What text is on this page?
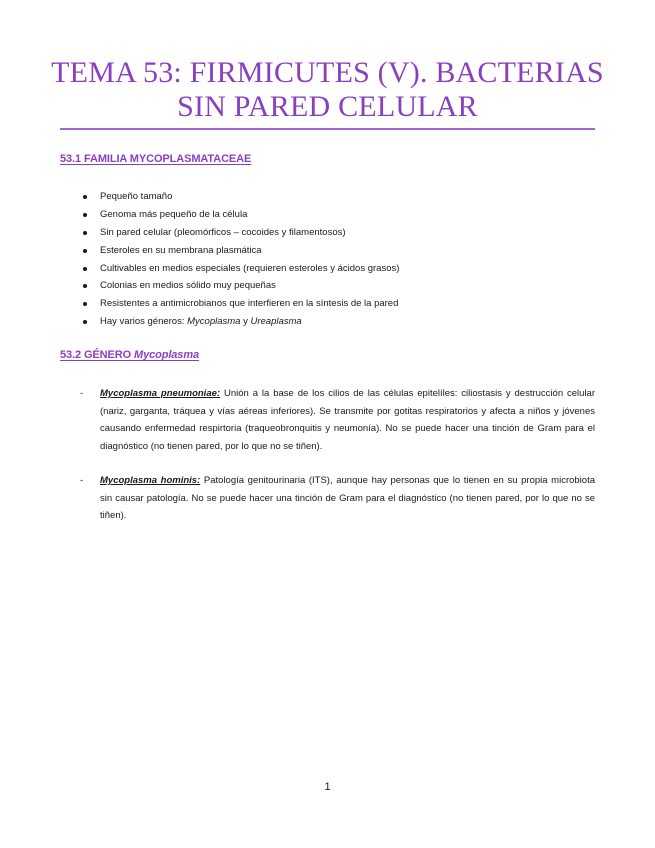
TEMA 53: FIRMICUTES (V). BACTERIAS
SIN PARED CELULAR
53.1 FAMILIA MYCOPLASMATACEAE
Pequeño tamaño
Genoma más pequeño de la célula
Sin pared celular (pleomórficos – cocoides y filamentosos)
Esteroles en su membrana plasmática
Cultivables en medios especiales (requieren esteroles y ácidos grasos)
Colonias en medios sólido muy pequeñas
Resistentes a antimicrobianos que interfieren en la síntesis de la pared
Hay varios géneros: Mycoplasma y Ureaplasma
53.2 GÉNERO Mycoplasma
- Mycoplasma pneumoniae: Unión a la base de los cilios de las células epitelíles: ciliostasis y destrucción celular (nariz, garganta, tráquea y vías aéreas inferiores). Se transmite por gotitas respiratorios y afecta a niños y jóvenes causando enfermedad respirtoria (traqueobronquitis y neumonía). No se puede hacer una tinción de Gram para el diagnóstico (no tienen pared, por lo que no se tiñen).
- Mycoplasma hominis: Patología genitourinaria (ITS), aunque hay personas que lo tienen en su propia microbiota sin causar patología. No se puede hacer una tinción de Gram para el diagnóstico (no tienen pared, por lo que no se tiñen).
1
